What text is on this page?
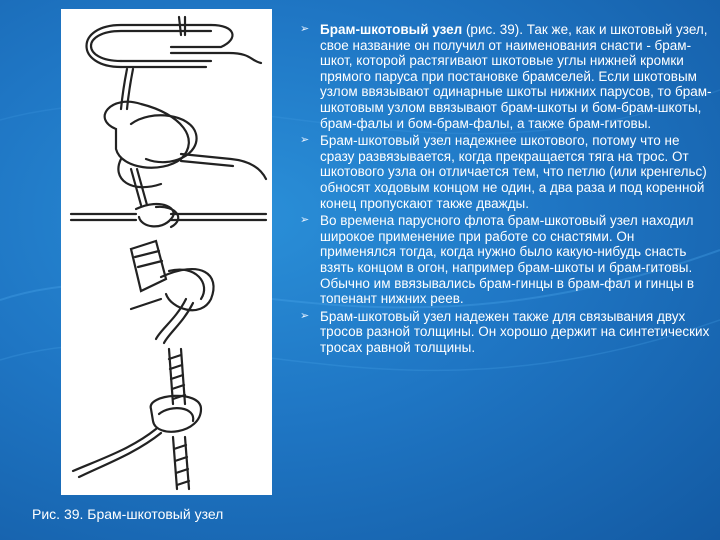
Рис. 39. Брам-шкотовый узел
➢ Брам-шкотовый узел (рис. 39). Так же, как и шкотовый узел, свое название он получил от наименования снасти - брам-шкот, которой растягивают шкотовые углы нижней кромки прямого паруса при постановке брамселей. Если шкотовым узлом ввязывают одинарные шкоты нижних парусов, то брам-шкотовым узлом ввязывают брам-шкоты и бом-брам-шкоты, брам-фалы и бом-брам-фалы, а также брам-гитовы.
➢ Брам-шкотовый узел надежнее шкотового, потому что не сразу развязывается, когда прекращается тяга на трос. От шкотового узла он отличается тем, что петлю (или кренгельс) обносят ходовым концом не один, а два раза и под коренной конец пропускают также дважды.
➢ Во времена парусного флота брам-шкотовый узел находил широкое применение при работе со снастями. Он применялся тогда, когда нужно было какую-нибудь снасть взять концом в огон, например брам-шкоты и брам-гитовы. Обычно им ввязывались брам-гинцы в брам-фал и гинцы в топенант нижних реев.
➢ Брам-шкотовый узел надежен также для связывания двух тросов разной толщины. Он хорошо держит на синтетических тросах равной толщины.
